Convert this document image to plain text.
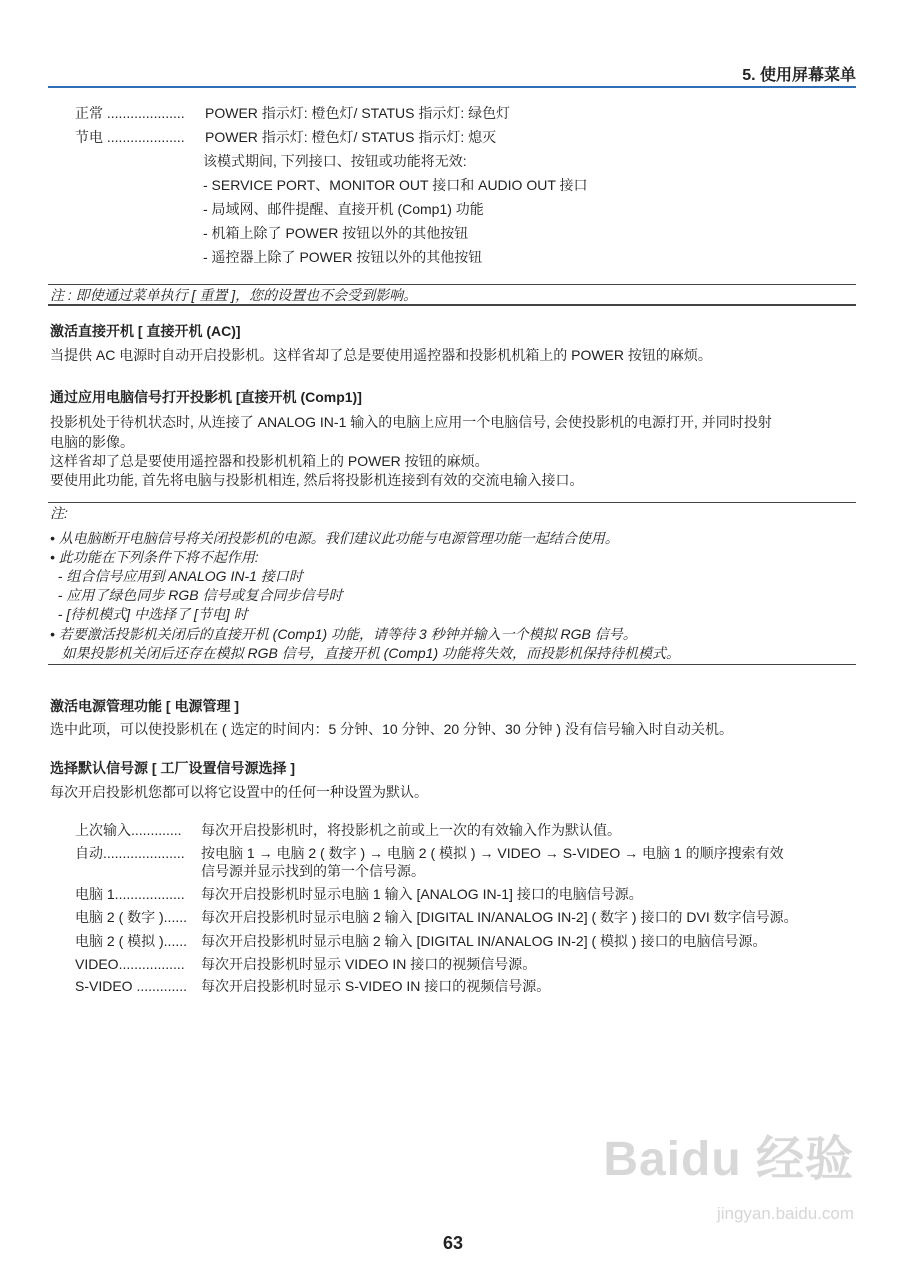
5. 使用屏幕菜单
正常 ....................	POWER 指示灯: 橙色灯/ STATUS 指示灯: 绿色灯
节电 ....................	POWER 指示灯: 橙色灯/ STATUS 指示灯: 熄灭
该模式期间, 下列接口、按钮或功能将无效:
- SERVICE PORT、MONITOR OUT 接口和 AUDIO OUT 接口
- 局域网、邮件提醒、直接开机 (Comp1) 功能
- 机箱上除了 POWER 按钮以外的其他按钮
- 遥控器上除了 POWER 按钮以外的其他按钮
注 : 即使通过菜单执行 [ 重置 ]，您的设置也不会受到影响。
激活直接开机 [ 直接开机 (AC)]
当提供 AC 电源时自动开启投影机。这样省却了总是要使用遥控器和投影机机箱上的 POWER 按钮的麻烦。
通过应用电脑信号打开投影机 [直接开机 (Comp1)]
投影机处于待机状态时, 从连接了 ANALOG IN-1 输入的电脑上应用一个电脑信号, 会使投影机的电源打开, 并同时投射
电脑的影像。
这样省却了总是要使用遥控器和投影机机箱上的 POWER 按钮的麻烦。
要使用此功能, 首先将电脑与投影机相连, 然后将投影机连接到有效的交流电输入接口。
注:
• 从电脑断开电脑信号将关闭投影机的电源。我们建议此功能与电源管理功能一起结合使用。
• 此功能在下列条件下将不起作用:
- 组合信号应用到 ANALOG IN-1 接口时
- 应用了绿色同步 RGB 信号或复合同步信号时
- [待机模式] 中选择了 [节电] 时
• 若要激活投影机关闭后的直接开机 (Comp1) 功能，请等待 3 秒钟并输入一个模拟 RGB 信号。
如果投影机关闭后还存在模拟 RGB 信号，直接开机 (Comp1) 功能将失效，而投影机保持待机模式。
激活电源管理功能 [ 电源管理 ]
选中此项，可以使投影机在 ( 选定的时间内：5 分钟、10 分钟、20 分钟、30 分钟 ) 没有信号输入时自动关机。
选择默认信号源 [ 工厂设置信号源选择 ]
每次开启投影机您都可以将它设置中的任何一种设置为默认。
上次输入.............	每次开启投影机时，将投影机之前或上一次的有效输入作为默认值。
自动.....................	按电脑 1 → 电脑 2 ( 数字 ) → 电脑 2 ( 模拟 ) → VIDEO → S-VIDEO → 电脑 1 的顺序搜索有效
信号源并显示找到的第一个信号源。
电脑 1..................	每次开启投影机时显示电脑 1 输入 [ANALOG IN-1] 接口的电脑信号源。
电脑 2 ( 数字 )...... 每次开启投影机时显示电脑 2 输入 [DIGITAL IN/ANALOG IN-2] ( 数字 ) 接口的 DVI 数字信号源。
电脑 2 ( 模拟 )...... 每次开启投影机时显示电脑 2 输入 [DIGITAL IN/ANALOG IN-2] ( 模拟 ) 接口的电脑信号源。
VIDEO.................	每次开启投影机时显示 VIDEO IN 接口的视频信号源。
S-VIDEO ............. 每次开启投影机时显示 S-VIDEO IN 接口的视频信号源。
Baidu 经验
jingyan.baidu.com
63
